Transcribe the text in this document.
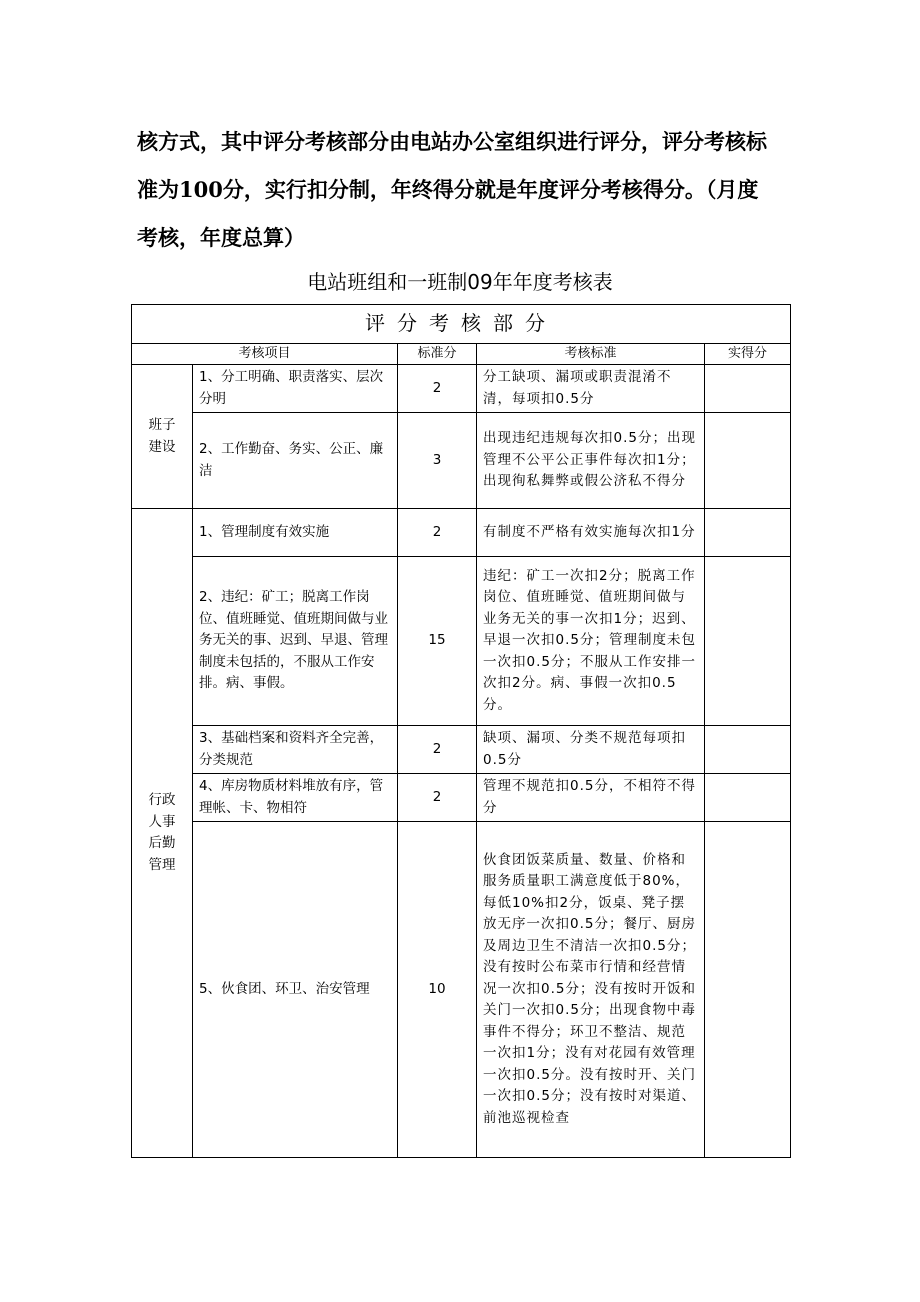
核方式，其中评分考核部分由电站办公室组织进行评分，评分考核标
准为100分，实行扣分制，年终得分就是年度评分考核得分。（月度
考核，年度总算）
电站班组和一班制09年年度考核表
评分考核部分				
考核项目		标准分	考核标准	实得分
班子建设	1、分工明确、职责落实、层次分明	2	分工缺项、漏项或职责混淆不清，每项扣0.5分	
	2、工作勤奋、务实、公正、廉洁	3	出现违纪违规每次扣0.5分；出现管理不公平公正事件每次扣1分；出现徇私舞弊或假公济私不得分	
行政人事后勤管理	1、管理制度有效实施	2	有制度不严格有效实施每次扣1分	
	2、违纪：矿工；脱离工作岗位、值班睡觉、值班期间做与业务无关的事、迟到、早退、管理制度未包括的，不服从工作安排。病、事假。	15	违纪：矿工一次扣2分；脱离工作岗位、值班睡觉、值班期间做与业务无关的事一次扣1分；迟到、早退一次扣0.5分；管理制度未包一次扣0.5分；不服从工作安排一次扣2分。病、事假一次扣0.5分。	
	3、基础档案和资料齐全完善，分类规范	2	缺项、漏项、分类不规范每项扣0.5分	
	4、库房物质材料堆放有序，管理帐、卡、物相符	2	管理不规范扣0.5分，不相符不得分	
	5、伙食团、环卫、治安管理	10	伙食团饭菜质量、数量、价格和服务质量职工满意度低于80%，每低10%扣2分，饭桌、凳子摆放无序一次扣0.5分；餐厅、厨房及周边卫生不清洁一次扣0.5分；没有按时公布菜市行情和经营情况一次扣0.5分；没有按时开饭和关门一次扣0.5分；出现食物中毒事件不得分；环卫不整洁、规范一次扣1分；没有对花园有效管理一次扣0.5分。没有按时开、关门一次扣0.5分；没有按时对渠道、前池巡视检查	
